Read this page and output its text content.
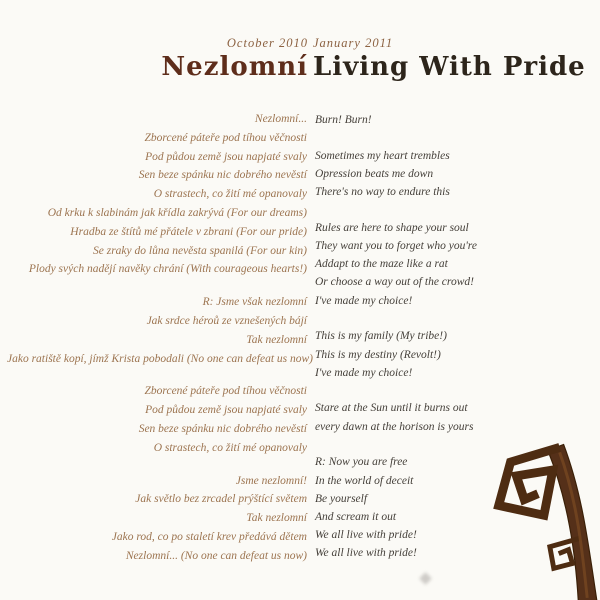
October 2010
Nezlomní
January 2011
Living With Pride
Nezlomní...
Zborcené páteře pod tíhou věčnosti
Pod půdou země jsou napjaté svaly
Sen beze spánku nic dobrého nevěstí
O strastech, co žití mé opanovaly
Od krku k slabinám jak křídla zakrývá (For our dreams)
Hradba ze štítů mé přátele v zbrani (For our pride)
Se zraky do lůna nevěsta spanilá (For our kin)
Plody svých nadějí navěky chrání (With courageous hearts!)
R: Jsme však nezlomní
Jak srdce héroů ze vznešených bájí
Tak nezlomní
Jako ratiště kopí, jímž Krista pobodali (No one can defeat us now)
Zborcené páteře pod tíhou věčnosti
Pod půdou země jsou napjaté svaly
Sen beze spánku nic dobrého nevěstí
O strastech, co žití mé opanovaly
Jsme nezlomní!
Jak světlo bez zrcadel prýštící světem
Tak nezlomní
Jako rod, co po staletí krev předává dětem
Nezlomní... (No one can defeat us now)
Burn! Burn!
Sometimes my heart trembles
Opression beats me down
There's no way to endure this
Rules are here to shape your soul
They want you to forget who you're
Addapt to the maze like a rat
Or choose a way out of the crowd!
I've made my choice!
This is my family (My tribe!)
This is my destiny (Revolt!)
I've made my choice!
Stare at the Sun until it burns out
every dawn at the horison is yours
R: Now you are free
In the world of deceit
Be yourself
And scream it out
We all live with pride!
We all live with pride!
